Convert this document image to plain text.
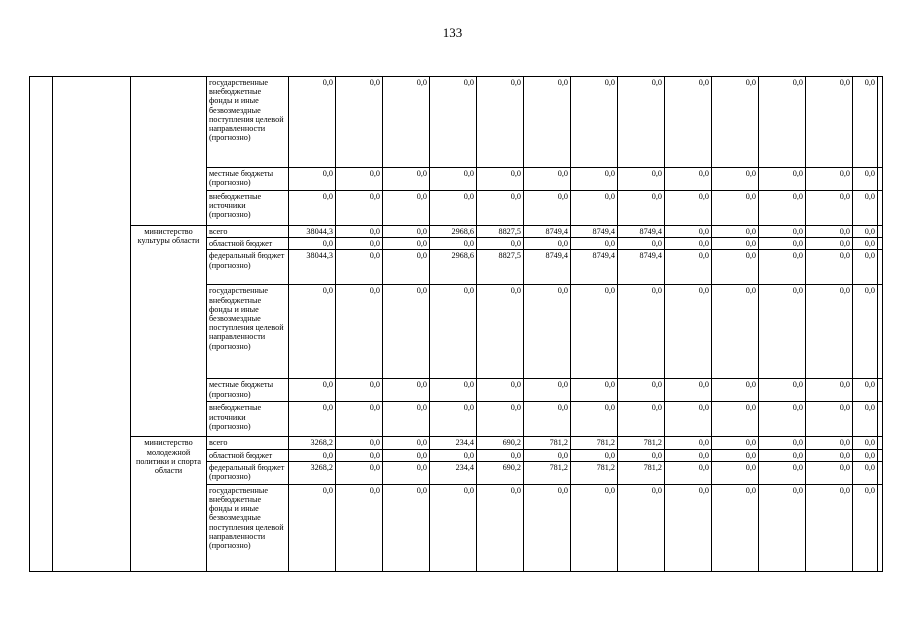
133
			государственные внебюджетные фонды и иные безвозмездные поступления целевой направленности (прогнозно)	0,0	0,0	0,0	0,0	0,0	0,0	0,0	0,0	0,0	0,0	0,0	0,0	0,0	
			местные бюджеты (прогнозно)	0,0	0,0	0,0	0,0	0,0	0,0	0,0	0,0	0,0	0,0	0,0	0,0	0,0	
			внебюджетные источники (прогнозно)	0,0	0,0	0,0	0,0	0,0	0,0	0,0	0,0	0,0	0,0	0,0	0,0	0,0	
		министерство культуры области	всего	38044,3	0,0	0,0	2968,6	8827,5	8749,4	8749,4	8749,4	0,0	0,0	0,0	0,0	0,0	
			областной бюджет	0,0	0,0	0,0	0,0	0,0	0,0	0,0	0,0	0,0	0,0	0,0	0,0	0,0	
			федеральный бюджет (прогнозно)	38044,3	0,0	0,0	2968,6	8827,5	8749,4	8749,4	8749,4	0,0	0,0	0,0	0,0	0,0	
			государственные внебюджетные фонды и иные безвозмездные поступления целевой направленности (прогнозно)	0,0	0,0	0,0	0,0	0,0	0,0	0,0	0,0	0,0	0,0	0,0	0,0	0,0	
			местные бюджеты (прогнозно)	0,0	0,0	0,0	0,0	0,0	0,0	0,0	0,0	0,0	0,0	0,0	0,0	0,0	
			внебюджетные источники (прогнозно)	0,0	0,0	0,0	0,0	0,0	0,0	0,0	0,0	0,0	0,0	0,0	0,0	0,0	
		министерство молодежной политики и спорта области	всего	3268,2	0,0	0,0	234,4	690,2	781,2	781,2	781,2	0,0	0,0	0,0	0,0	0,0	
			областной бюджет	0,0	0,0	0,0	0,0	0,0	0,0	0,0	0,0	0,0	0,0	0,0	0,0	0,0	
			федеральный бюджет (прогнозно)	3268,2	0,0	0,0	234,4	690,2	781,2	781,2	781,2	0,0	0,0	0,0	0,0	0,0	
			государственные внебюджетные фонды и иные безвозмездные поступления целевой направленности (прогнозно)	0,0	0,0	0,0	0,0	0,0	0,0	0,0	0,0	0,0	0,0	0,0	0,0	0,0	
